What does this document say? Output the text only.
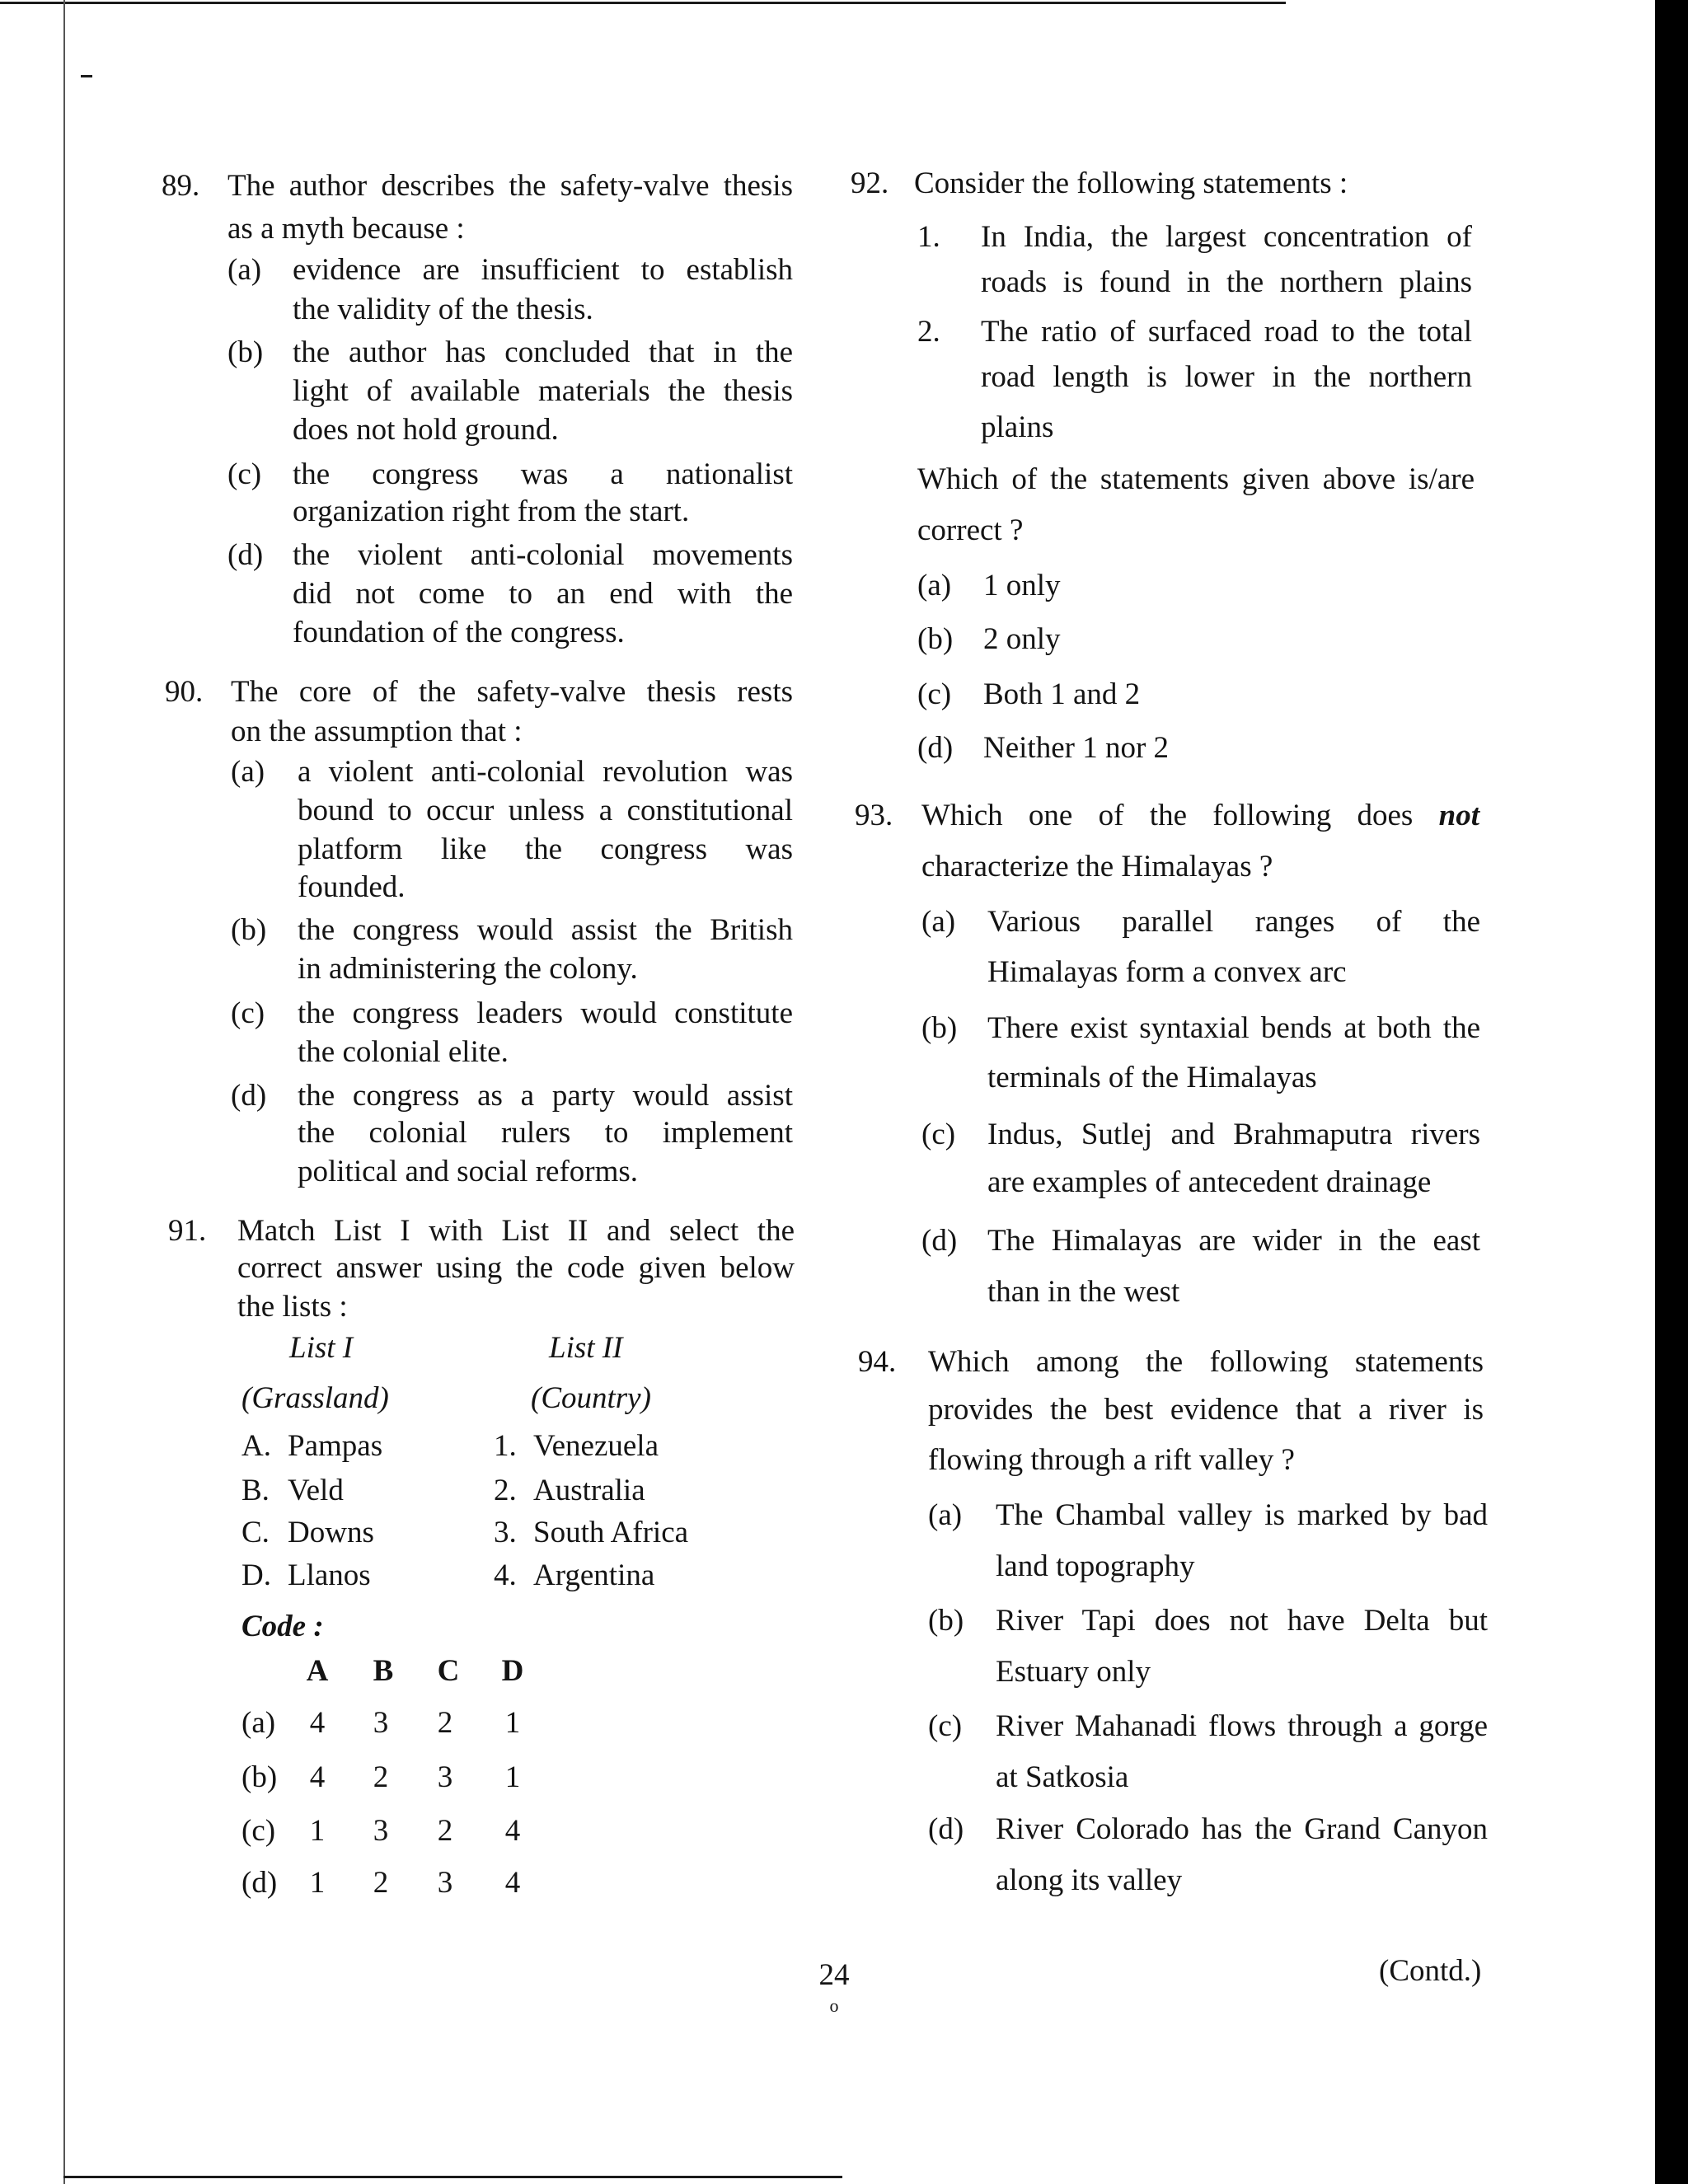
89. The author describes the safety-valve thesis
as a myth because :
(a) evidence are insufficient to establish
the validity of the thesis.
(b) the author has concluded that in the
light of available materials the thesis
does not hold ground.
(c) the congress was a nationalist
organization right from the start.
(d) the violent anti-colonial movements
did not come to an end with the
foundation of the congress.
90. The core of the safety-valve thesis rests
on the assumption that :
(a) a violent anti-colonial revolution was
bound to occur unless a constitutional
platform like the congress was
founded.
(b) the congress would assist the British
in administering the colony.
(c) the congress leaders would constitute
the colonial elite.
(d) the congress as a party would assist
the colonial rulers to implement
political and social reforms.
91. Match List I with List II and select the
correct answer using the code given below
the lists :
List I	List II
(Grassland)	(Country)
A. Pampas	1. Venezuela
B. Veld	2. Australia
C. Downs	3. South Africa
D. Llanos	4. Argentina
Code :
A B C D
(a) 4 3 2 1
(b) 4 2 3 1
(c) 1 3 2 4
(d) 1 2 3 4
92. Consider the following statements :
1. In India, the largest concentration of
roads is found in the northern plains
2. The ratio of surfaced road to the total
road length is lower in the northern
plains
Which of the statements given above is/are
correct ?
(a) 1 only
(b) 2 only
(c) Both 1 and 2
(d) Neither 1 nor 2
93. Which one of the following does not
characterize the Himalayas ?
(a) Various parallel ranges of the
Himalayas form a convex arc
(b) There exist syntaxial bends at both the
terminals of the Himalayas
(c) Indus, Sutlej and Brahmaputra rivers
are examples of antecedent drainage
(d) The Himalayas are wider in the east
than in the west
94. Which among the following statements
provides the best evidence that a river is
flowing through a rift valley ?
(a) The Chambal valley is marked by bad
land topography
(b) River Tapi does not have Delta but
Estuary only
(c) River Mahanadi flows through a gorge
at Satkosia
(d) River Colorado has the Grand Canyon
along its valley
24
o
(Contd.)
